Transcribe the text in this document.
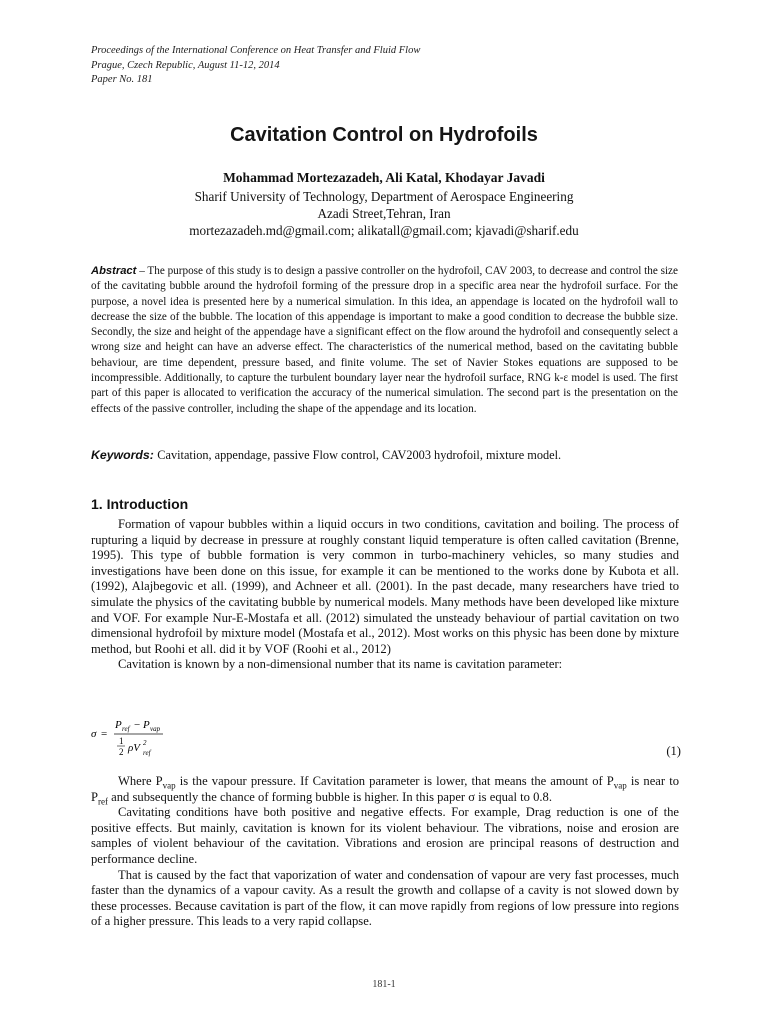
Proceedings of the International Conference on Heat Transfer and Fluid Flow
Prague, Czech Republic, August 11-12, 2014
Paper No. 181
Cavitation Control on Hydrofoils
Mohammad Mortezazadeh, Ali Katal, Khodayar Javadi
Sharif University of Technology, Department of Aerospace Engineering
Azadi Street,Tehran, Iran
mortezazadeh.md@gmail.com; alikatall@gmail.com; kjavadi@sharif.edu
Abstract – The purpose of this study is to design a passive controller on the hydrofoil, CAV 2003, to decrease and control the size of the cavitating bubble around the hydrofoil forming of the pressure drop in a specific area near the hydrofoil surface. For the purpose, a novel idea is presented here by a numerical simulation. In this idea, an appendage is located on the hydrofoil wall to decrease the size of the bubble. The location of this appendage is important to make a good condition to decrease the bubble size. Secondly, the size and height of the appendage have a significant effect on the flow around the hydrofoil and consequently select a wrong size and height can have an adverse effect. The characteristics of the numerical method, based on the cavitating bubble behaviour, are time dependent, pressure based, and finite volume. The set of Navier Stokes equations are supposed to be incompressible. Additionally, to capture the turbulent boundary layer near the hydrofoil surface, RNG k-ε model is used. The first part of this paper is allocated to verification the accuracy of the numerical simulation. The second part is the presentation on the effects of the passive controller, including the shape of the appendage and its location.
Keywords: Cavitation, appendage, passive Flow control, CAV2003 hydrofoil, mixture model.
1. Introduction

Formation of vapour bubbles within a liquid occurs in two conditions, cavitation and boiling. The process of rupturing a liquid by decrease in pressure at roughly constant liquid temperature is often called cavitation (Brenne, 1995). This type of bubble formation is very common in turbo-machinery vehicles, so many studies and investigations have been done on this issue, for example it can be mentioned to the works done by Kubota et all. (1992), Alajbegovic et all. (1999), and Achneer et all. (2001). In the past decade, many researchers have tried to simulate the physics of the cavitating bubble by numerical models. Many methods have been developed like mixture and VOF. For example Nur-E-Mostafa et all. (2012) simulated the unsteady behaviour of partial cavitation on two dimensional hydrofoil by mixture model (Mostafa et al., 2012). Most works on this physic has been done by mixture method, but Roohi et all. did it by VOF (Roohi et al., 2012)

Cavitation is known by a non-dimensional number that its name is cavitation parameter:

σ =
P ref − P vap
1
2 ρV 2
ref	(1)

Where $P_{vap}$ is the vapour pressure. If Cavitation parameter is lower, that means the amount of $P_{vap}$ is near to $P_{ref}$ and subsequently the chance of forming bubble is higher. In this paper σ is equal to 0.8.

Cavitating conditions have both positive and negative effects. For example, Drag reduction is one of the positive effects. But mainly, cavitation is known for its violent behaviour. The vibrations, noise and erosion are samples of violent behaviour of the cavitation. Vibrations and erosion are principal reasons of destruction and performance decline.

That is caused by the fact that vaporization of water and condensation of vapour are very fast processes, much faster than the dynamics of a vapour cavity. As a result the growth and collapse of a cavity is not slowed down by these processes. Because cavitation is part of the flow, it can move rapidly from regions of low pressure into regions of a higher pressure. This leads to a very rapid collapse.

181-1
